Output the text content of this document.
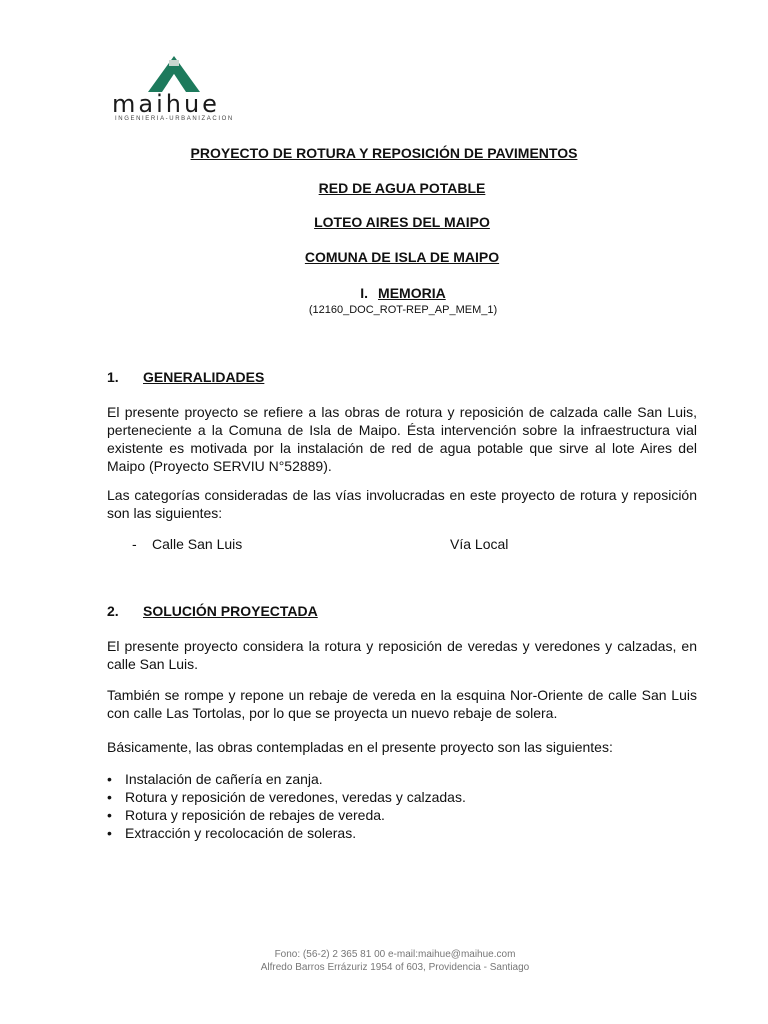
maihue
INGENIERIA-URBANIZACION
PROYECTO DE ROTURA Y REPOSICIÓN DE PAVIMENTOS
RED DE AGUA POTABLE
LOTEO AIRES DEL MAIPO
COMUNA DE ISLA DE MAIPO
I. MEMORIA
(12160_DOC_ROT-REP_AP_MEM_1)
1. GENERALIDADES

El presente proyecto se refiere a las obras de rotura y reposición de calzada calle San Luis, perteneciente a la Comuna de Isla de Maipo. Ésta intervención sobre la infraestructura vial existente es motivada por la instalación de red de agua potable que sirve al lote Aires del Maipo (Proyecto SERVIU N°52889).

Las categorías consideradas de las vías involucradas en este proyecto de rotura y reposición son las siguientes:

- Calle San Luis	Vía Local
2. SOLUCIÓN PROYECTADA

El presente proyecto considera la rotura y reposición de veredas y veredones y calzadas, en calle San Luis.

También se rompe y repone un rebaje de vereda en la esquina Nor-Oriente de calle San Luis con calle Las Tortolas, por lo que se proyecta un nuevo rebaje de solera.

Básicamente, las obras contempladas en el presente proyecto son las siguientes:

• Instalación de cañería en zanja.
• Rotura y reposición de veredones, veredas y calzadas.
• Rotura y reposición de rebajes de vereda.
• Extracción y recolocación de soleras.
Fono: (56-2) 2 365 81 00 e-mail:maihue@maihue.com
Alfredo Barros Errázuriz 1954 of 603, Providencia - Santiago
